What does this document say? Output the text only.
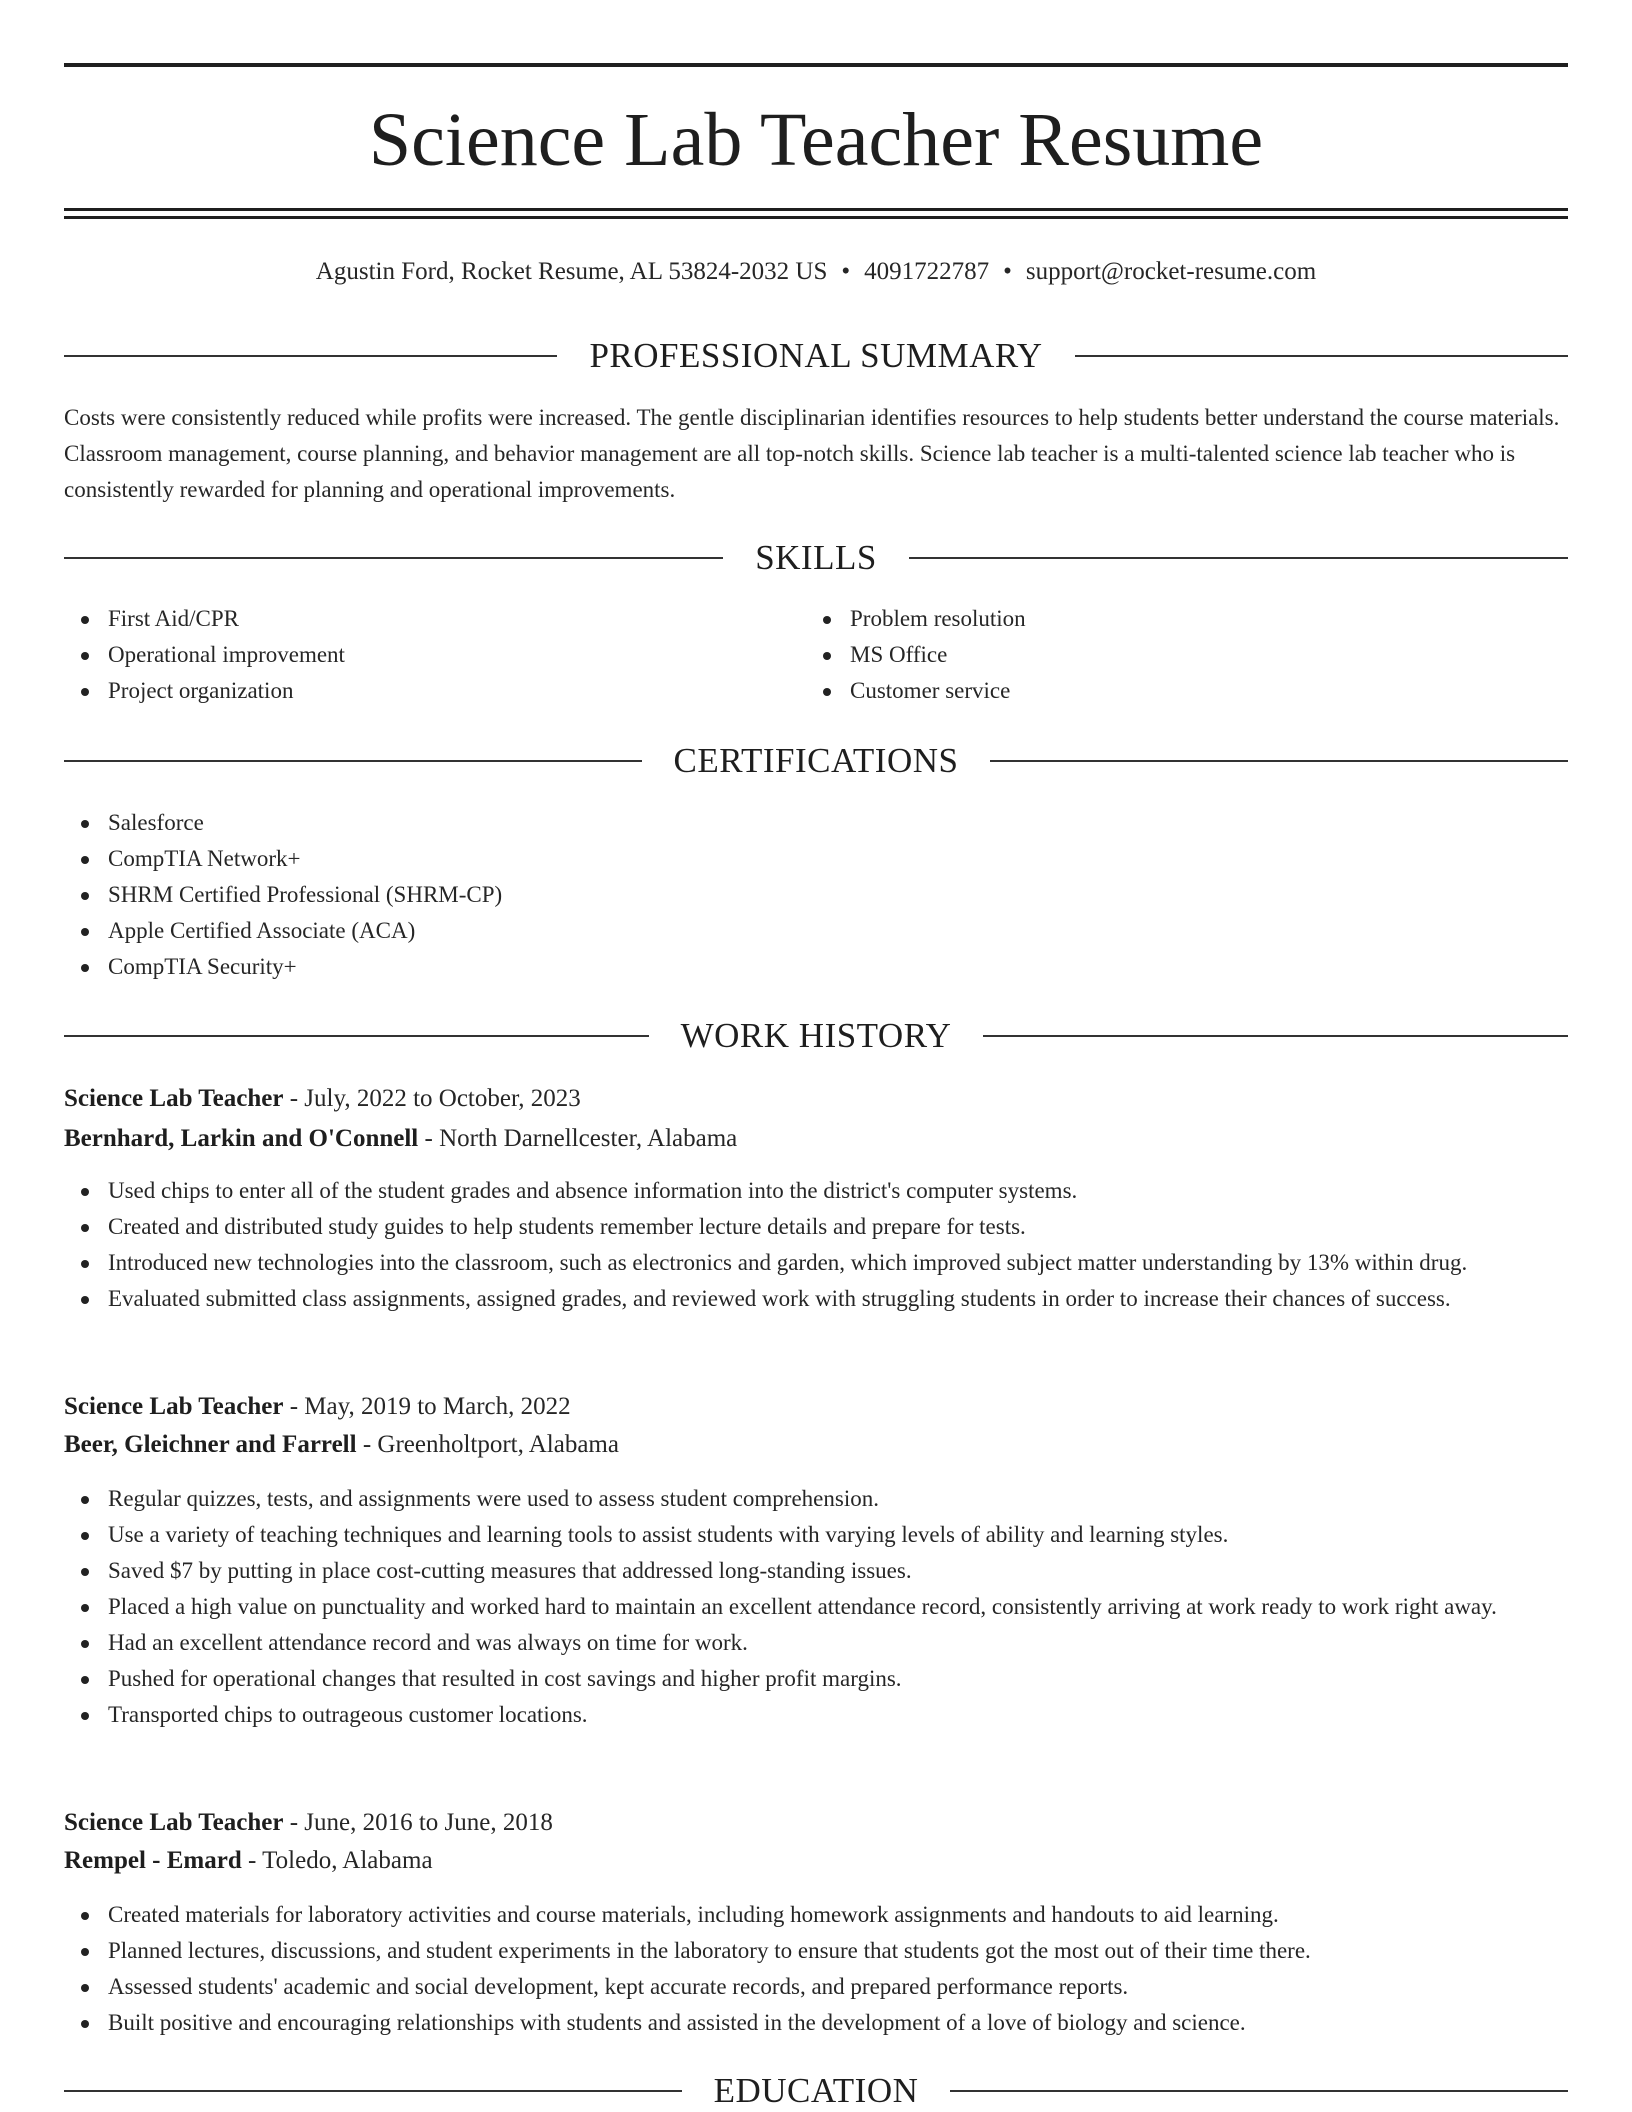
Science Lab Teacher Resume
Agustin Ford, Rocket Resume, AL 53824-2032 US • 4091722787 • support@rocket-resume.com
PROFESSIONAL SUMMARY

Costs were consistently reduced while profits were increased. The gentle disciplinarian identifies resources to help students better understand the course materials. Classroom management, course planning, and behavior management are all top-notch skills. Science lab teacher is a multi-talented science lab teacher who is consistently rewarded for planning and operational improvements.

SKILLS
First Aid/CPR
Operational improvement
Project organization
Problem resolution
MS Office
Customer service
CERTIFICATIONS
Salesforce
CompTIA Network+
SHRM Certified Professional (SHRM-CP)
Apple Certified Associate (ACA)
CompTIA Security+
WORK HISTORY
Science Lab Teacher - July, 2022 to October, 2023
Bernhard, Larkin and O'Connell - North Darnellcester, Alabama
Used chips to enter all of the student grades and absence information into the district's computer systems.
Created and distributed study guides to help students remember lecture details and prepare for tests.
Introduced new technologies into the classroom, such as electronics and garden, which improved subject matter understanding by 13% within drug.
Evaluated submitted class assignments, assigned grades, and reviewed work with struggling students in order to increase their chances of success.
Science Lab Teacher - May, 2019 to March, 2022
Beer, Gleichner and Farrell - Greenholtport, Alabama
Regular quizzes, tests, and assignments were used to assess student comprehension.
Use a variety of teaching techniques and learning tools to assist students with varying levels of ability and learning styles.
Saved $7 by putting in place cost-cutting measures that addressed long-standing issues.
Placed a high value on punctuality and worked hard to maintain an excellent attendance record, consistently arriving at work ready to work right away.
Had an excellent attendance record and was always on time for work.
Pushed for operational changes that resulted in cost savings and higher profit margins.
Transported chips to outrageous customer locations.
Science Lab Teacher - June, 2016 to June, 2018
Rempel - Emard - Toledo, Alabama
Created materials for laboratory activities and course materials, including homework assignments and handouts to aid learning.
Planned lectures, discussions, and student experiments in the laboratory to ensure that students got the most out of their time there.
Assessed students' academic and social development, kept accurate records, and prepared performance reports.
Built positive and encouraging relationships with students and assisted in the development of a love of biology and science.
EDUCATION
